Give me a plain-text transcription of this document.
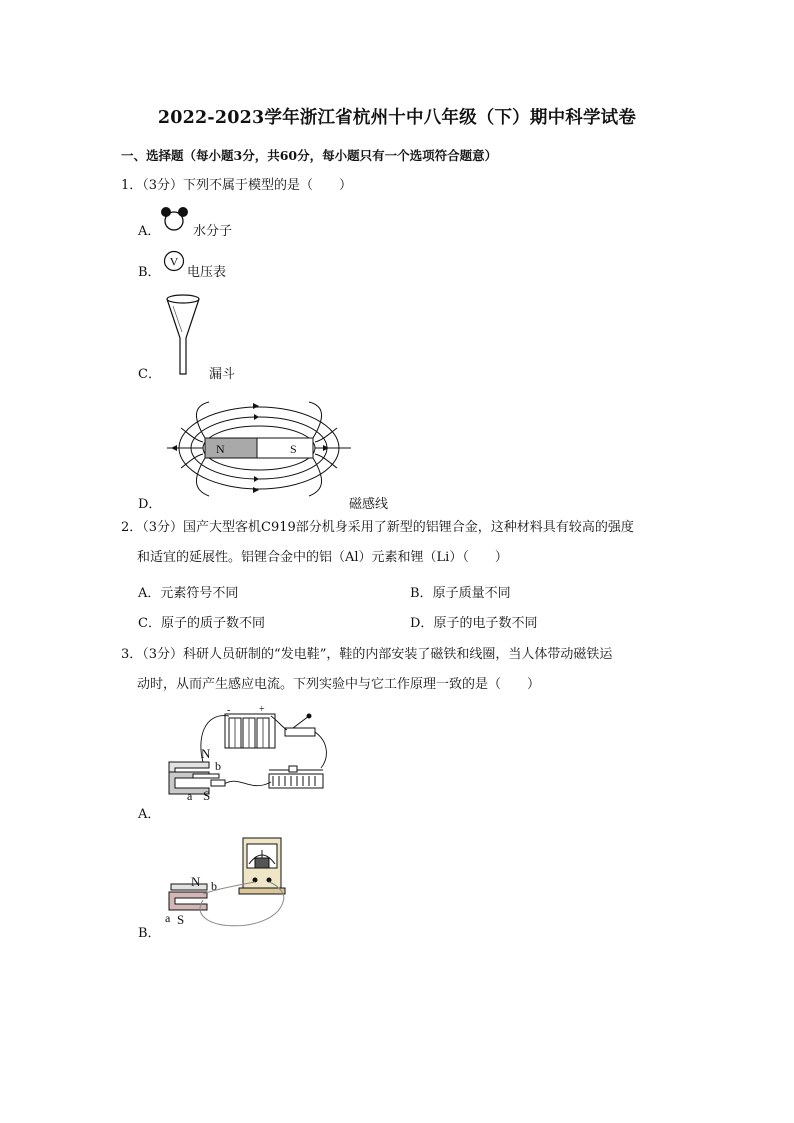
2022-2023学年浙江省杭州十中八年级（下）期中科学试卷
一、选择题（每小题3分，共60分，每小题只有一个选项符合题意）
1．（3分）下列不属于模型的是（　　）
A．	水分子
B．
V
电压表
C．	漏斗
N	S
D．	磁感线
2．（3分）国产大型客机C919部分机身采用了新型的铝锂合金，这种材料具有较高的强度
和适宜的延展性。铝锂合金中的铝（Al）元素和锂（Li）（　　）
A．元素符号不同	B．原子质量不同
C．原子的质子数不同	D．原子的电子数不同
3．（3分）科研人员研制的“发电鞋”，鞋的内部安装了磁铁和线圈，当人体带动磁铁运
动时，从而产生感应电流。下列实验中与它工作原理一致的是（　　）
-	+
N
b
a S
A．
N b
a S
B．
